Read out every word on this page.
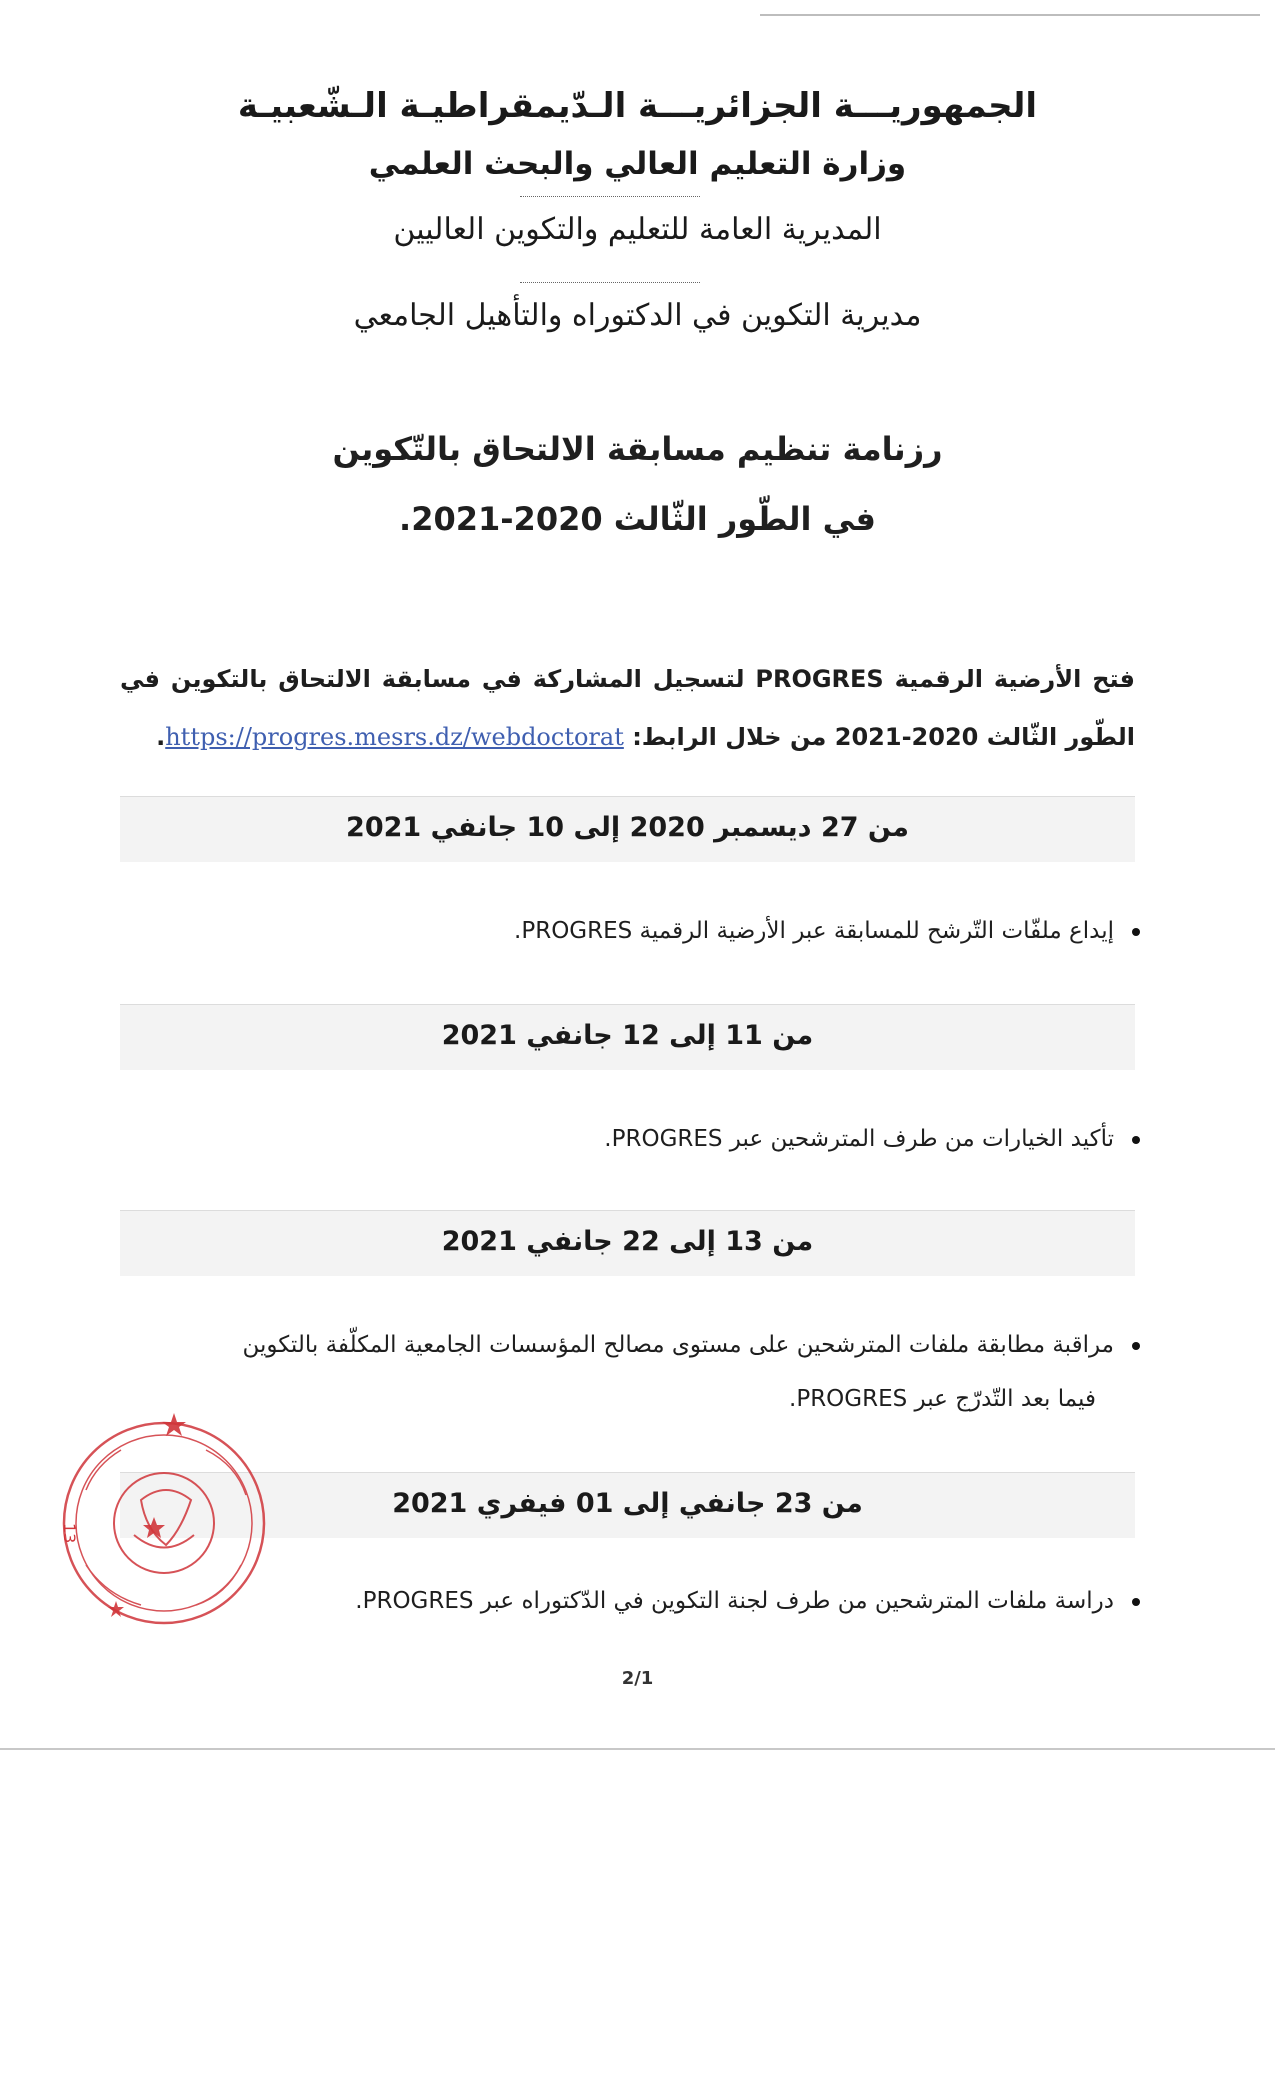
الجمهوريـــة الجزائريـــة الـدّيمقراطيـة الـشّعبيـة
وزارة التعليم العالي والبحث العلمي
المديرية العامة للتعليم والتكوين العاليين
مديرية التكوين في الدكتوراه والتأهيل الجامعي
رزنامة تنظيم مسابقة الالتحاق بالتّكوين
في الطّور الثّالث 2020-2021.
فتح الأرضية الرقمية PROGRES لتسجيل المشاركة في مسابقة الالتحاق بالتكوين في الطّور الثّالث 2020-2021 من خلال الرابط: https://progres.mesrs.dz/webdoctorat.
من 27 ديسمبر 2020 إلى 10 جانفي 2021
إيداع ملفّات التّرشح للمسابقة عبر الأرضية الرقمية PROGRES.
من 11 إلى 12 جانفي 2021
تأكيد الخيارات من طرف المترشحين عبر PROGRES.
من 13 إلى 22 جانفي 2021
مراقبة مطابقة ملفات المترشحين على مستوى مصالح المؤسسات الجامعية المكلّفة بالتكوين
فيما بعد التّدرّج عبر PROGRES.
من 23 جانفي إلى 01 فيفري 2021
دراسة ملفات المترشحين من طرف لجنة التكوين في الدّكتوراه عبر PROGRES.
2/1
13
